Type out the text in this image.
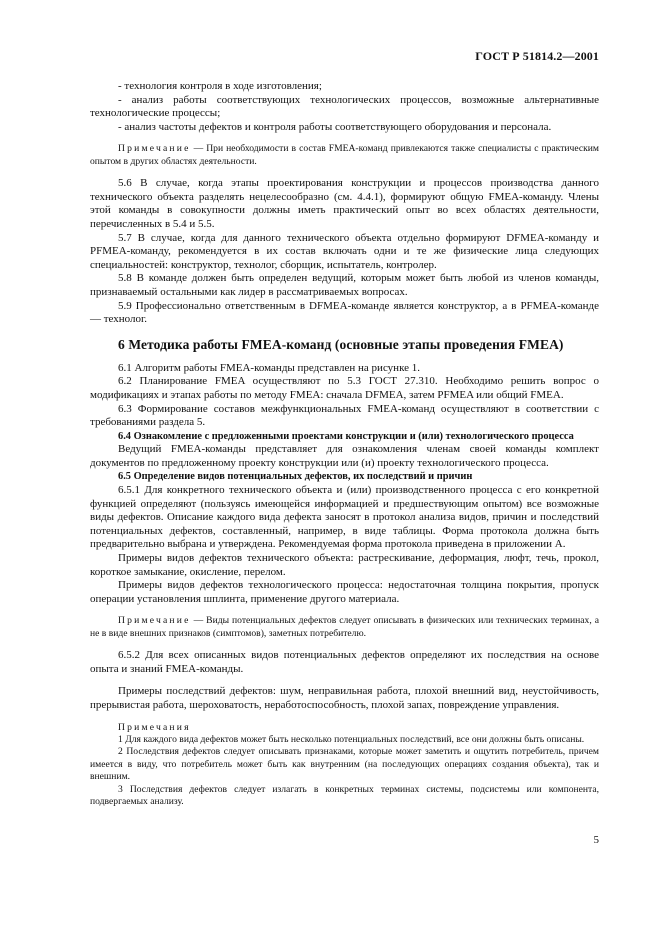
ГОСТ Р 51814.2—2001

- технология контроля в ходе изготовления;

- анализ работы соответствующих технологических процессов, возможные альтернативные технологические процессы;

- анализ частоты дефектов и контроля работы соответствующего оборудования и персонала.

Примечание — При необходимости в состав FMEA-команд привлекаются также специалисты с практическим опытом в других областях деятельности.

5.6 В случае, когда этапы проектирования конструкции и процессов производства данного технического объекта разделять нецелесообразно (см. 4.4.1), формируют общую FMEA-команду. Члены этой команды в совокупности должны иметь практический опыт во всех областях деятельности, перечисленных в 5.4 и 5.5.

5.7 В случае, когда для данного технического объекта отдельно формируют DFMEA-команду и PFMEA-команду, рекомендуется в их состав включать одни и те же физические лица следующих специальностей: конструктор, технолог, сборщик, испытатель, контролер.

5.8 В команде должен быть определен ведущий, которым может быть любой из членов команды, признаваемый остальными как лидер в рассматриваемых вопросах.

5.9 Профессионально ответственным в DFMEA-команде является конструктор, а в PFMEA-команде — технолог.

6 Методика работы FMEA-команд (основные этапы проведения FMEA)

6.1 Алгоритм работы FMEA-команды представлен на рисунке 1.

6.2 Планирование FMEA осуществляют по 5.3 ГОСТ 27.310. Необходимо решить вопрос о модификациях и этапах работы по методу FMEA: сначала DFMEA, затем PFMEA или общий FMEA.

6.3 Формирование составов межфункциональных FMEA-команд осуществляют в соответствии с требованиями раздела 5.

6.4 Ознакомление с предложенными проектами конструкции и (или) технологического процесса

Ведущий FMEA-команды представляет для ознакомления членам своей команды комплект документов по предложенному проекту конструкции или (и) проекту технологического процесса.

6.5 Определение видов потенциальных дефектов, их последствий и причин

6.5.1 Для конкретного технического объекта и (или) производственного процесса с его конкретной функцией определяют (пользуясь имеющейся информацией и предшествующим опытом) все возможные виды дефектов. Описание каждого вида дефекта заносят в протокол анализа видов, причин и последствий потенциальных дефектов, составленный, например, в виде таблицы. Форма протокола должна быть предварительно выбрана и утверждена. Рекомендуемая форма протокола приведена в приложении А.

Примеры видов дефектов технического объекта: растрескивание, деформация, люфт, течь, прокол, короткое замыкание, окисление, перелом.

Примеры видов дефектов технологического процесса: недостаточная толщина покрытия, пропуск операции установления шплинта, применение другого материала.

Примечание — Виды потенциальных дефектов следует описывать в физических или технических терминах, а не в виде внешних признаков (симптомов), заметных потребителю.

6.5.2 Для всех описанных видов потенциальных дефектов определяют их последствия на основе опыта и знаний FMEA-команды.

Примеры последствий дефектов: шум, неправильная работа, плохой внешний вид, неустойчивость, прерывистая работа, шероховатость, неработоспособность, плохой запах, повреждение управления.

Примечания

1 Для каждого вида дефектов может быть несколько потенциальных последствий, все они должны быть описаны.

2 Последствия дефектов следует описывать признаками, которые может заметить и ощутить потребитель, причем имеется в виду, что потребитель может быть как внутренним (на последующих операциях создания объекта), так и внешним.

3 Последствия дефектов следует излагать в конкретных терминах системы, подсистемы или компонента, подвергаемых анализу.

5
